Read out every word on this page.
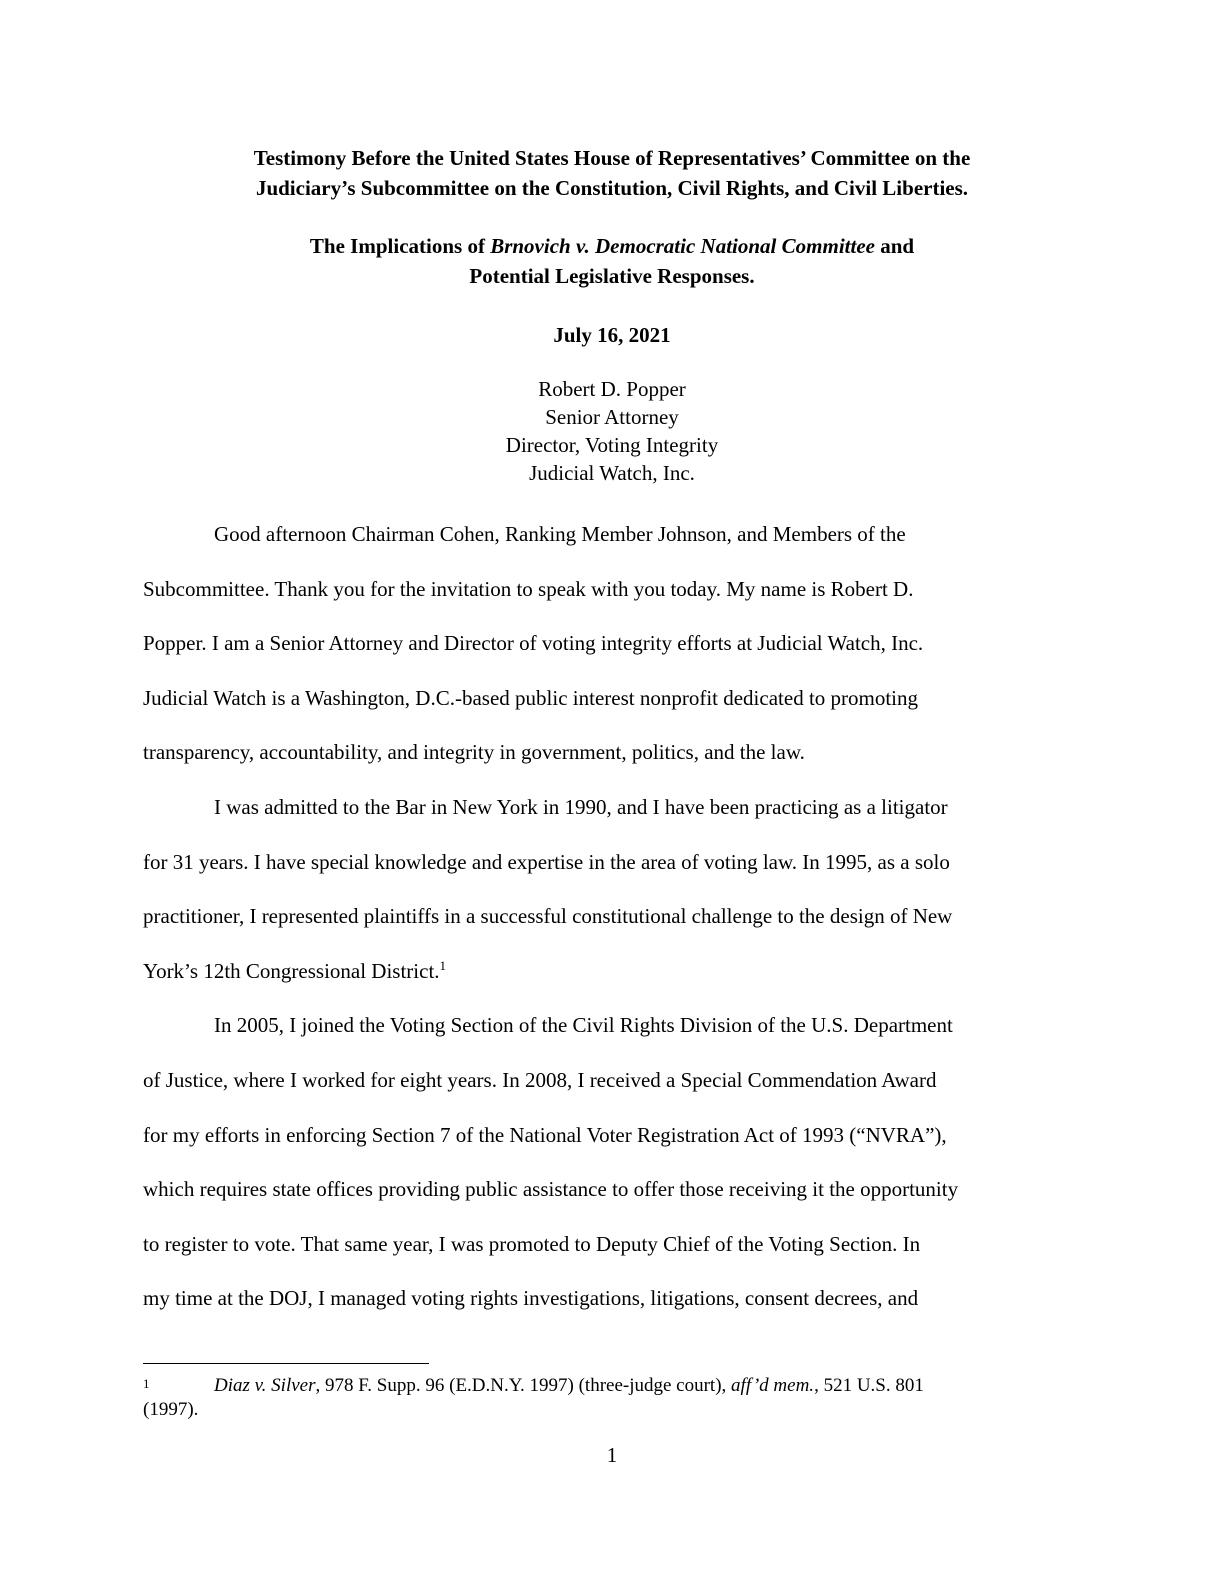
Testimony Before the United States House of Representatives’ Committee on the
Judiciary’s Subcommittee on the Constitution, Civil Rights, and Civil Liberties.
The Implications of Brnovich v. Democratic National Committee and
Potential Legislative Responses.
July 16, 2021
Robert D. Popper
Senior Attorney
Director, Voting Integrity
Judicial Watch, Inc.
Good afternoon Chairman Cohen, Ranking Member Johnson, and Members of the
Subcommittee. Thank you for the invitation to speak with you today. My name is Robert D.
Popper. I am a Senior Attorney and Director of voting integrity efforts at Judicial Watch, Inc.
Judicial Watch is a Washington, D.C.-based public interest nonprofit dedicated to promoting
transparency, accountability, and integrity in government, politics, and the law.
I was admitted to the Bar in New York in 1990, and I have been practicing as a litigator
for 31 years. I have special knowledge and expertise in the area of voting law. In 1995, as a solo
practitioner, I represented plaintiffs in a successful constitutional challenge to the design of New
York’s 12th Congressional District.$^1$
In 2005, I joined the Voting Section of the Civil Rights Division of the U.S. Department
of Justice, where I worked for eight years. In 2008, I received a Special Commendation Award
for my efforts in enforcing Section 7 of the National Voter Registration Act of 1993 (“NVRA”),
which requires state offices providing public assistance to offer those receiving it the opportunity
to register to vote. That same year, I was promoted to Deputy Chief of the Voting Section. In
my time at the DOJ, I managed voting rights investigations, litigations, consent decrees, and
1	Diaz v. Silver, 978 F. Supp. 96 (E.D.N.Y. 1997) (three-judge court), aff’d mem., 521 U.S. 801
(1997).
1
